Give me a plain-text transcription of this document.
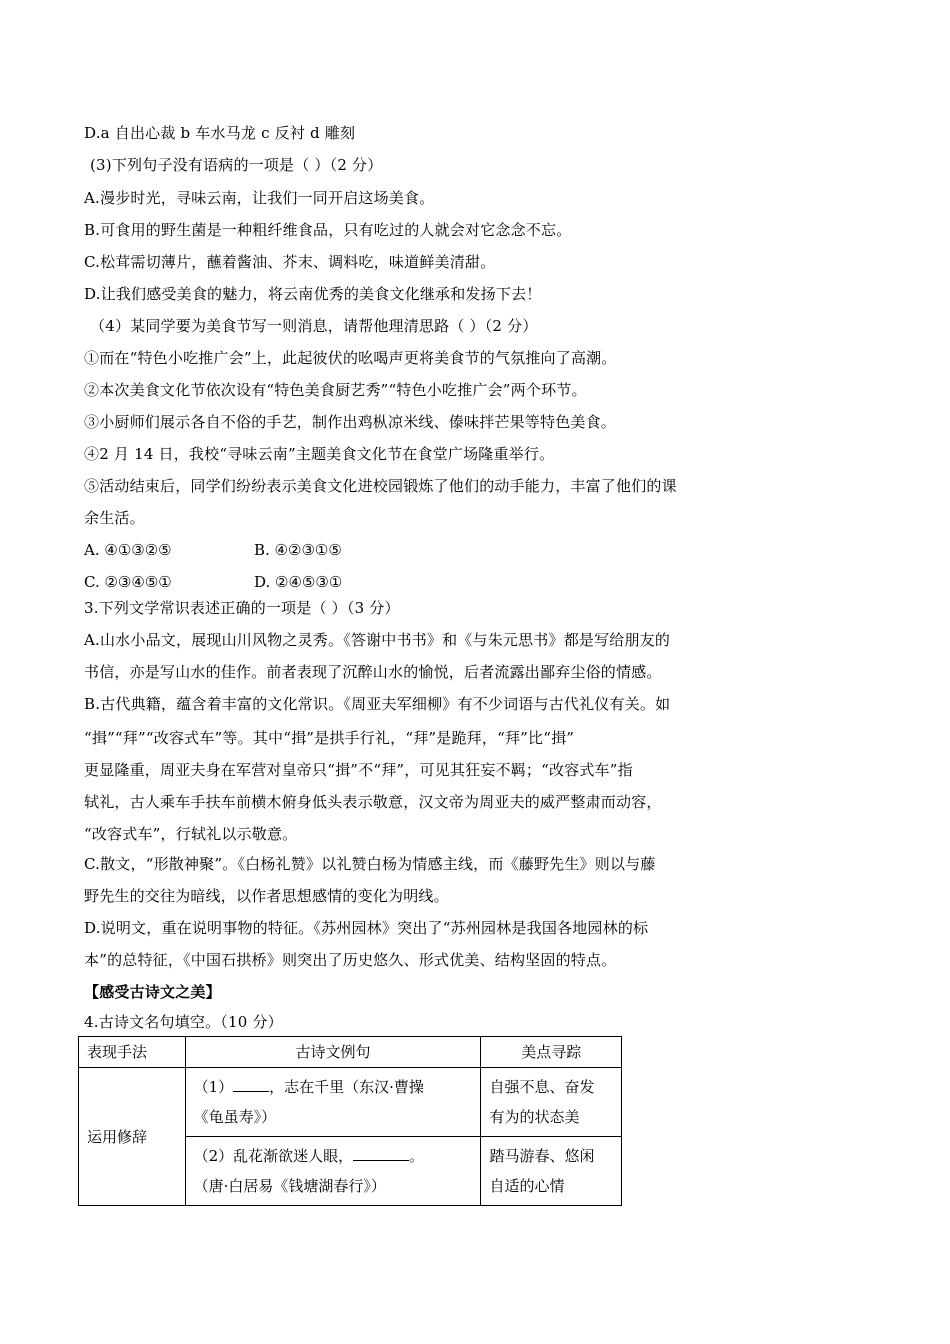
D.a 自出心裁 b 车水马龙 c 反衬 d 雕刻
(3)下列句子没有语病的一项是（ ）（2 分）
A.漫步时光，寻味云南，让我们一同开启这场美食。
B.可食用的野生菌是一种粗纤维食品，只有吃过的人就会对它念念不忘。
C.松茸需切薄片，蘸着酱油、芥末、调料吃，味道鲜美清甜。
D.让我们感受美食的魅力，将云南优秀的美食文化继承和发扬下去！
（4）某同学要为美食节写一则消息，请帮他理清思路（ ）（2 分）
①而在“特色小吃推广会”上，此起彼伏的吆喝声更将美食节的气氛推向了高潮。
②本次美食文化节依次设有“特色美食厨艺秀”“特色小吃推广会”两个环节。
③小厨师们展示各自不俗的手艺，制作出鸡枞凉米线、傣味拌芒果等特色美食。
④2 月 14 日，我校“寻味云南”主题美食文化节在食堂广场隆重举行。
⑤活动结束后，同学们纷纷表示美食文化进校园锻炼了他们的动手能力，丰富了他们的课
余生活。
A. ④①③②⑤	B. ④②③①⑤
C. ②③④⑤①	D. ②④⑤③①
3.下列文学常识表述正确的一项是（ ）（3 分）
A.山水小品文，展现山川风物之灵秀。《答谢中书书》和《与朱元思书》都是写给朋友的
书信，亦是写山水的佳作。前者表现了沉醉山水的愉悦，后者流露出鄙弃尘俗的情感。
B.古代典籍，蕴含着丰富的文化常识。《周亚夫军细柳》有不少词语与古代礼仪有关。如
“揖”“拜”“改容式车”等。其中“揖”是拱手行礼，“拜”是跪拜，“拜”比“揖”
更显隆重，周亚夫身在军营对皇帝只“揖”不“拜”，可见其狂妄不羁；“改容式车”指
轼礼，古人乘车手扶车前横木俯身低头表示敬意，汉文帝为周亚夫的威严整肃而动容，
“改容式车”，行轼礼以示敬意。
C.散文，“形散神聚”。《白杨礼赞》以礼赞白杨为情感主线，而《藤野先生》则以与藤
野先生的交往为暗线，以作者思想感情的变化为明线。
D.说明文，重在说明事物的特征。《苏州园林》突出了“苏州园林是我国各地园林的标
本”的总特征，《中国石拱桥》则突出了历史悠久、形式优美、结构坚固的特点。
【感受古诗文之美】
4.古诗文名句填空。（10 分）
表现手法	古诗文例句	美点寻踪
运用修辞	（1） ，志在千里（东汉·曹操
《龟虽寿》）	自强不息、奋发
有为的状态美
	（2）乱花渐欲迷人眼， 。
（唐·白居易《钱塘湖春行》）	踏马游春、悠闲
自适的心情
